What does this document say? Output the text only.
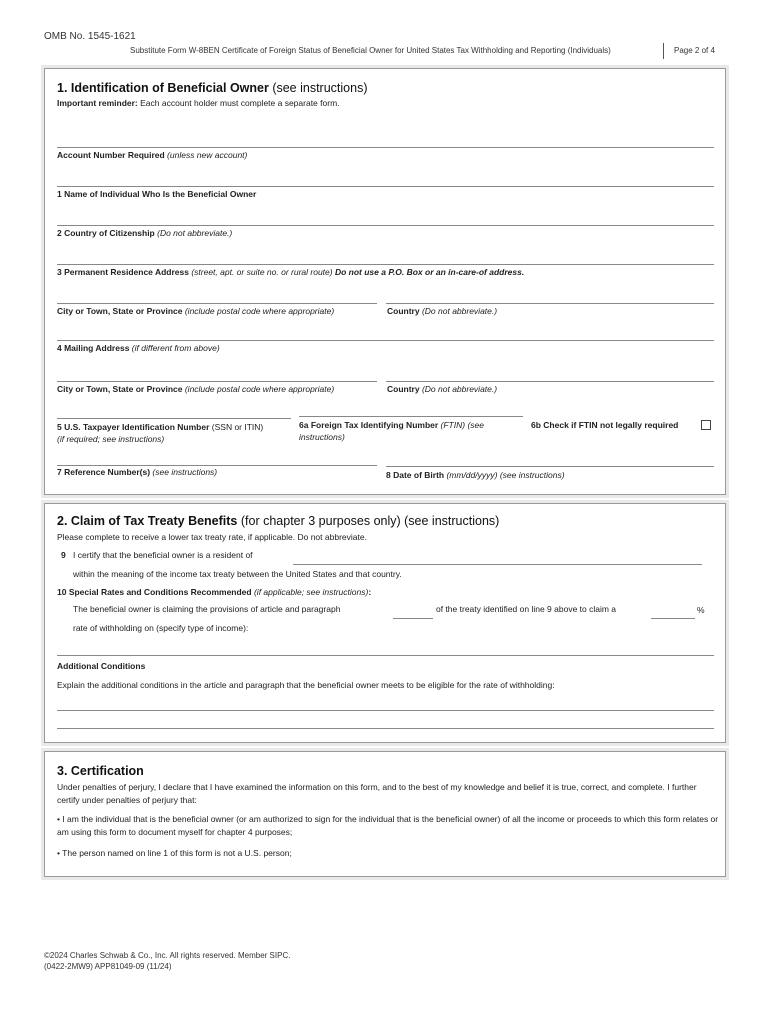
OMB No. 1545-1621
Substitute Form W-8BEN Certificate of Foreign Status of Beneficial Owner for United States Tax Withholding and Reporting (Individuals)	Page 2 of 4
1. Identification of Beneficial Owner (see instructions)
Important reminder: Each account holder must complete a separate form.
Account Number Required (unless new account)
1 Name of Individual Who Is the Beneficial Owner
2 Country of Citizenship (Do not abbreviate.)
3 Permanent Residence Address (street, apt. or suite no. or rural route) Do not use a P.O. Box or an in-care-of address.
City or Town, State or Province (include postal code where appropriate)	Country (Do not abbreviate.)
4 Mailing Address (if different from above)
City or Town, State or Province (include postal code where appropriate)	Country (Do not abbreviate.)
5 U.S. Taxpayer Identification Number (SSN or ITIN)
(if required; see instructions)
6a Foreign Tax Identifying Number (FTIN) (see
instructions)
6b Check if FTIN not legally required
7 Reference Number(s) (see instructions)	8 Date of Birth (mm/dd/yyyy) (see instructions)
2. Claim of Tax Treaty Benefits (for chapter 3 purposes only) (see instructions)
Please complete to receive a lower tax treaty rate, if applicable. Do not abbreviate.
9 I certify that the beneficial owner is a resident of
within the meaning of the income tax treaty between the United States and that country.
10 Special Rates and Conditions Recommended (if applicable; see instructions):
The beneficial owner is claiming the provisions of article and paragraph	of the treaty identified on line 9 above to claim a	%
rate of withholding on (specify type of income):
Additional Conditions
Explain the additional conditions in the article and paragraph that the beneficial owner meets to be eligible for the rate of withholding:
3. Certification
Under penalties of perjury, I declare that I have examined the information on this form, and to the best of my knowledge and belief it is true, correct, and complete. I further certify under penalties of perjury that:
• I am the individual that is the beneficial owner (or am authorized to sign for the individual that is the beneficial owner) of all the income or proceeds to which this form relates or am using this form to document myself for chapter 4 purposes;
• The person named on line 1 of this form is not a U.S. person;
©2024 Charles Schwab & Co., Inc. All rights reserved. Member SIPC.
(0422-2MW9) APP81049-09 (11/24)
